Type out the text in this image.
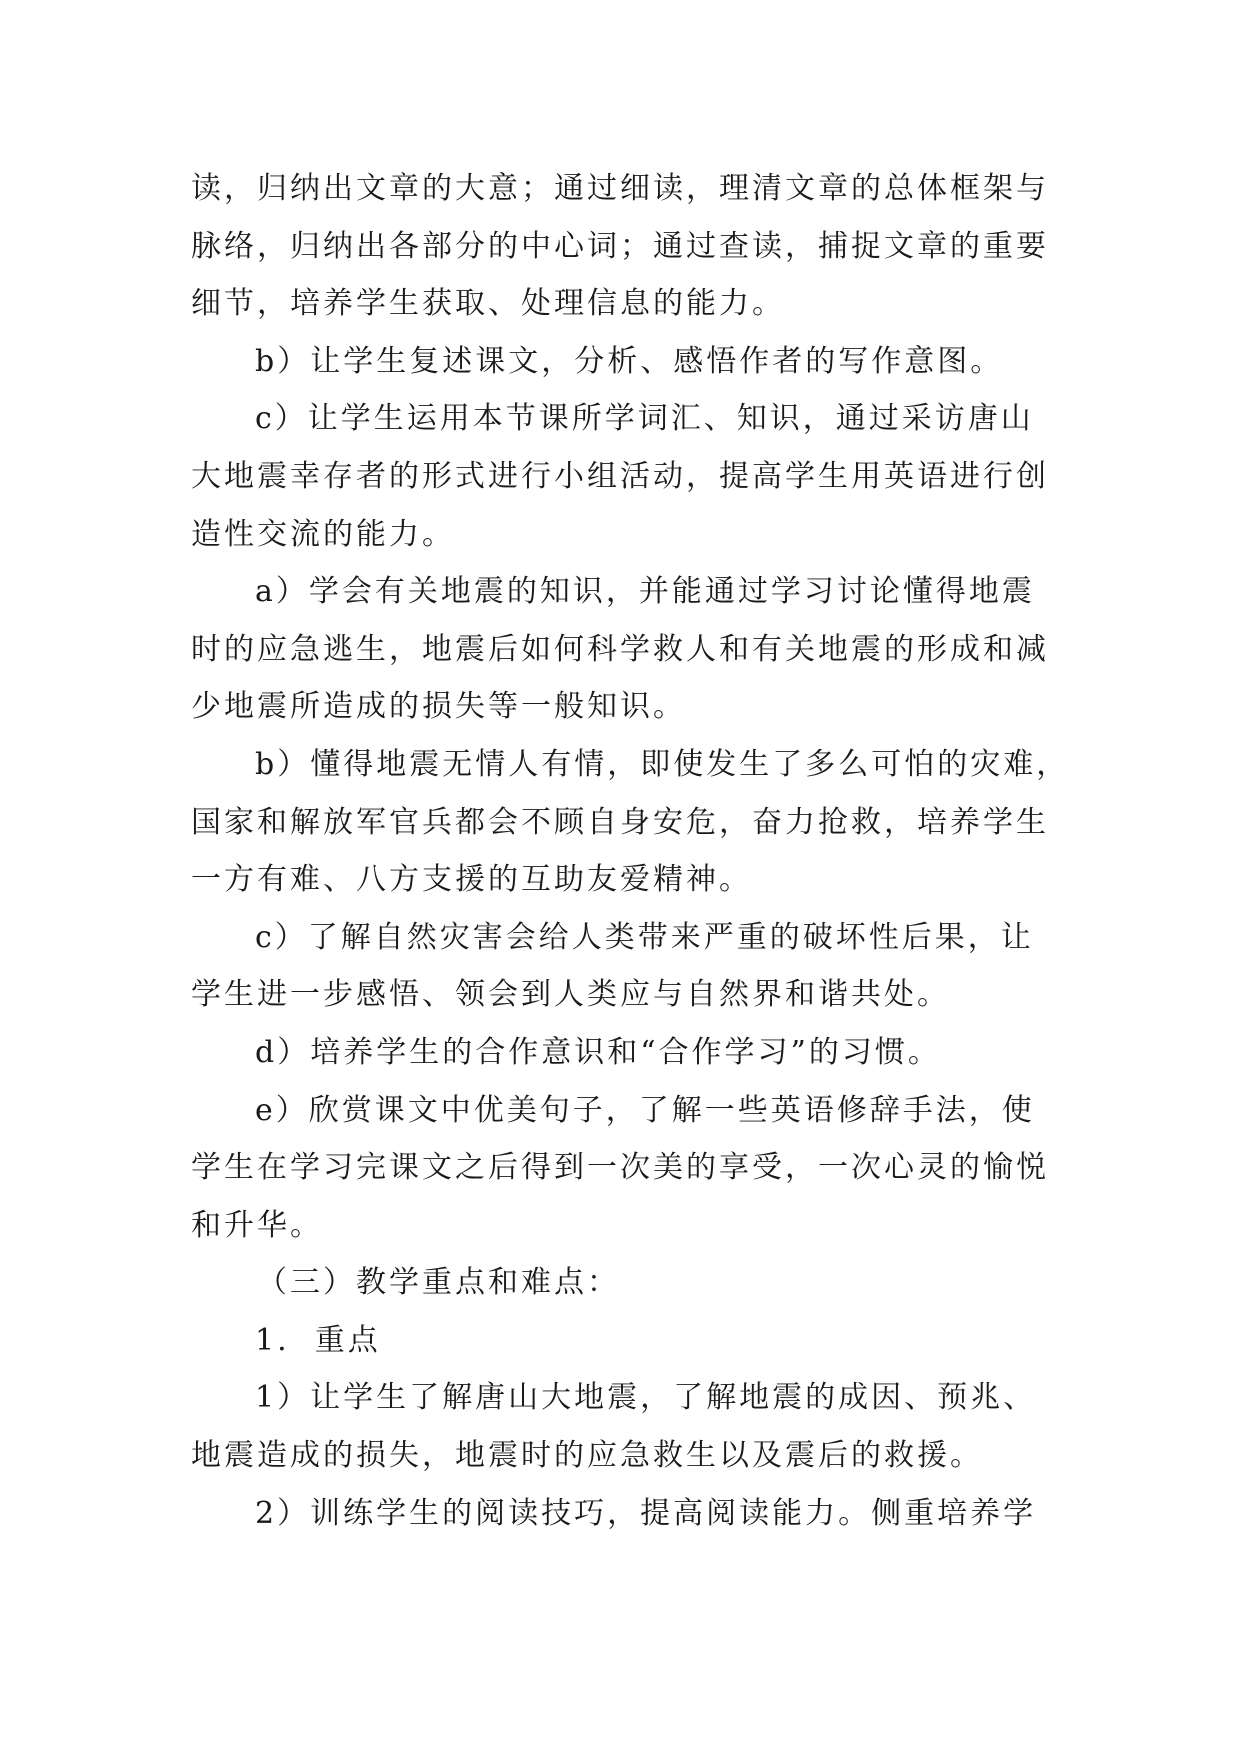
读，归纳出文章的大意；通过细读，理清文章的总体框架与
脉络，归纳出各部分的中心词；通过查读，捕捉文章的重要
细节，培养学生获取、处理信息的能力。
b）让学生复述课文，分析、感悟作者的写作意图。
c）让学生运用本节课所学词汇、知识，通过采访唐山
大地震幸存者的形式进行小组活动，提高学生用英语进行创
造性交流的能力。
a）学会有关地震的知识，并能通过学习讨论懂得地震
时的应急逃生，地震后如何科学救人和有关地震的形成和减
少地震所造成的损失等一般知识。
b）懂得地震无情人有情，即使发生了多么可怕的灾难，
国家和解放军官兵都会不顾自身安危，奋力抢救，培养学生
一方有难、八方支援的互助友爱精神。
c）了解自然灾害会给人类带来严重的破坏性后果，让
学生进一步感悟、领会到人类应与自然界和谐共处。
d）培养学生的合作意识和“合作学习”的习惯。
e）欣赏课文中优美句子，了解一些英语修辞手法，使
学生在学习完课文之后得到一次美的享受，一次心灵的愉悦
和升华。
（三）教学重点和难点：
1.  重点
1）让学生了解唐山大地震，了解地震的成因、预兆、
地震造成的损失，地震时的应急救生以及震后的救援。
2）训练学生的阅读技巧，提高阅读能力。侧重培养学
